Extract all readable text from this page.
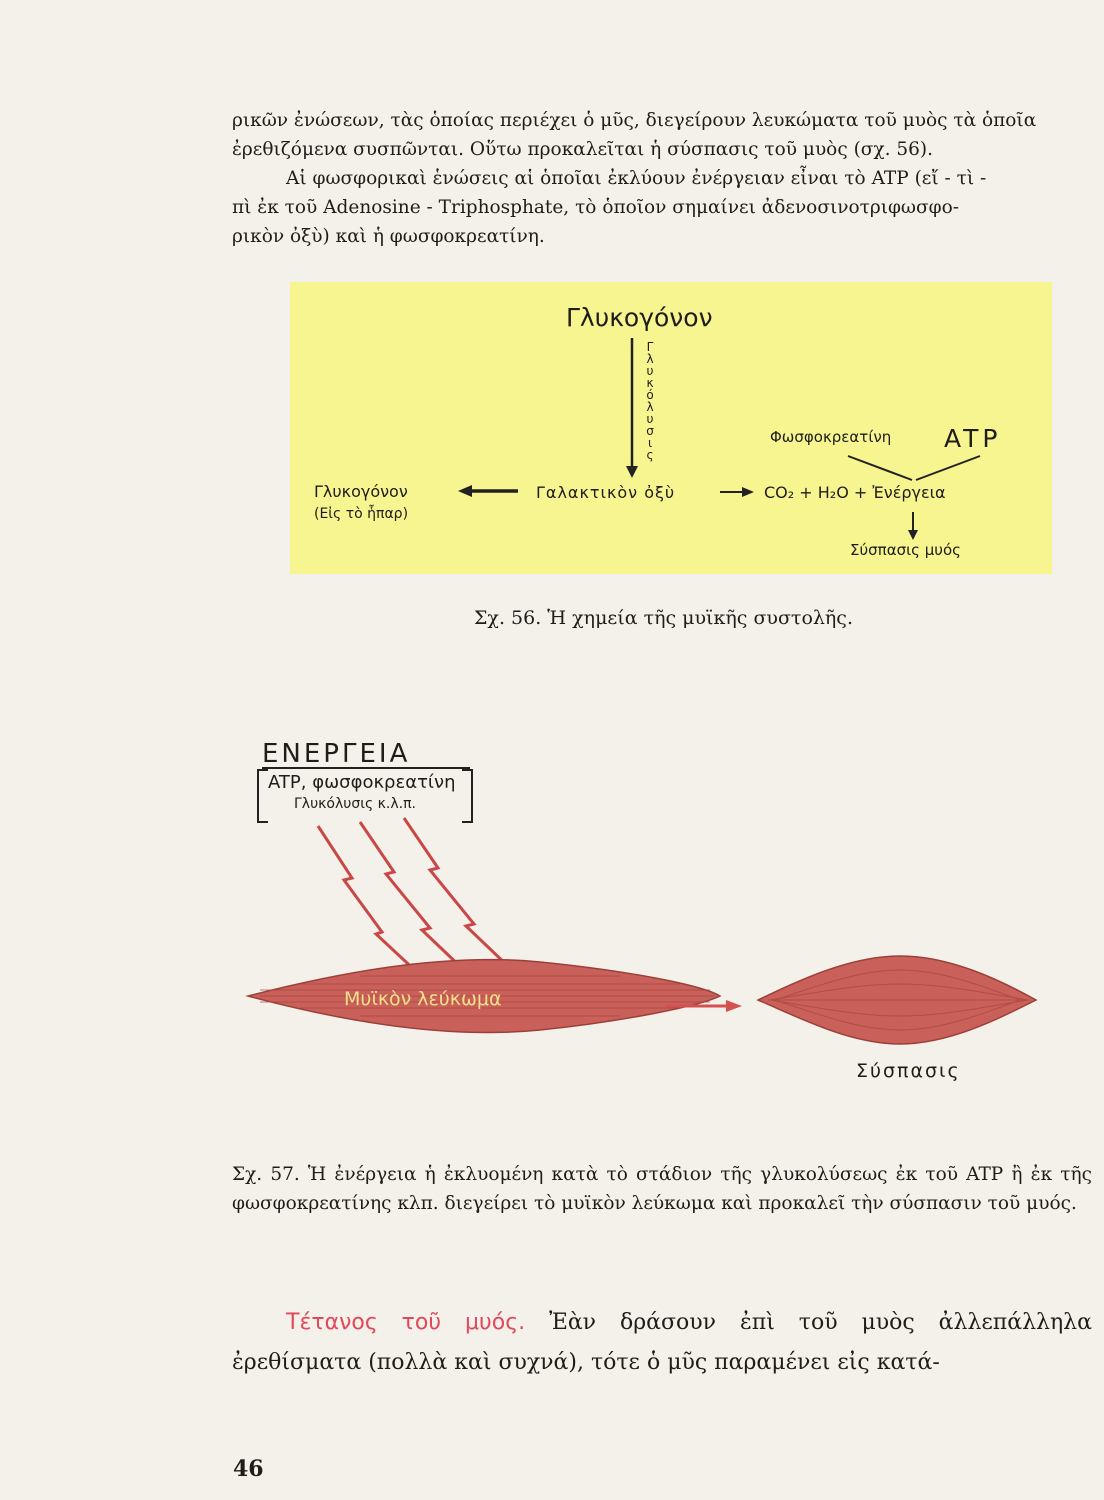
ρικῶν ἐνώσεων, τὰς ὁποίας περιέχει ὁ μῦς, διεγείρουν λευκώματα τοῦ μυὸς τὰ ὁποῖα
ἐρεθιζόμενα συσπῶνται. Οὕτω προκαλεῖται ἡ σύσπασις τοῦ μυὸς (σχ. 56).
Αἱ φωσφορικαὶ ἑνώσεις αἱ ὁποῖαι ἐκλύουν ἐνέργειαν εἶναι τὸ ATP (εἴ - τὶ -
πὶ ἐκ τοῦ Adenosine - Triphosphate, τὸ ὁποῖον σημαίνει ἀδενοσινοτριφωσφο-
ρικὸν ὀξὺ) καὶ ἡ φωσφοκρεατίνη.
Γλυκογόνον
Γλυκόλυσις	Φωσφοκρεατίνη ATP
Γλυκογόνον
(Εἰς τὸ ἧπαρ)
Γαλακτικὸν ὀξὺ	CO₂ + H₂O + Ἐνέργεια
Σύσπασις μυός
Σχ. 56. Ἡ χημεία τῆς μυϊκῆς συστολῆς.
ΕΝΕΡΓΕΙΑ
ATP, φωσφοκρεατίνη
Γλυκόλυσις κ.λ.π.
Μυϊκὸν λεύκωμα
Σύσπασις

Σχ. 57. Ἡ ἐνέργεια ἡ ἐκλυομένη κατὰ τὸ στάδιον τῆς γλυκολύσεως ἐκ τοῦ ATP ἢ ἐκ τῆς φωσφοκρεατίνης κλπ. διεγείρει τὸ μυϊκὸν λεύκωμα καὶ προκαλεῖ τὴν σύσπασιν τοῦ μυός.

Τέτανος τοῦ μυός. Ἐὰν δράσουν ἐπὶ τοῦ μυὸς ἀλλεπάλληλα ἐρεθίσματα (πολλὰ καὶ συχνά), τότε ὁ μῦς παραμένει εἰς κατά-

46
